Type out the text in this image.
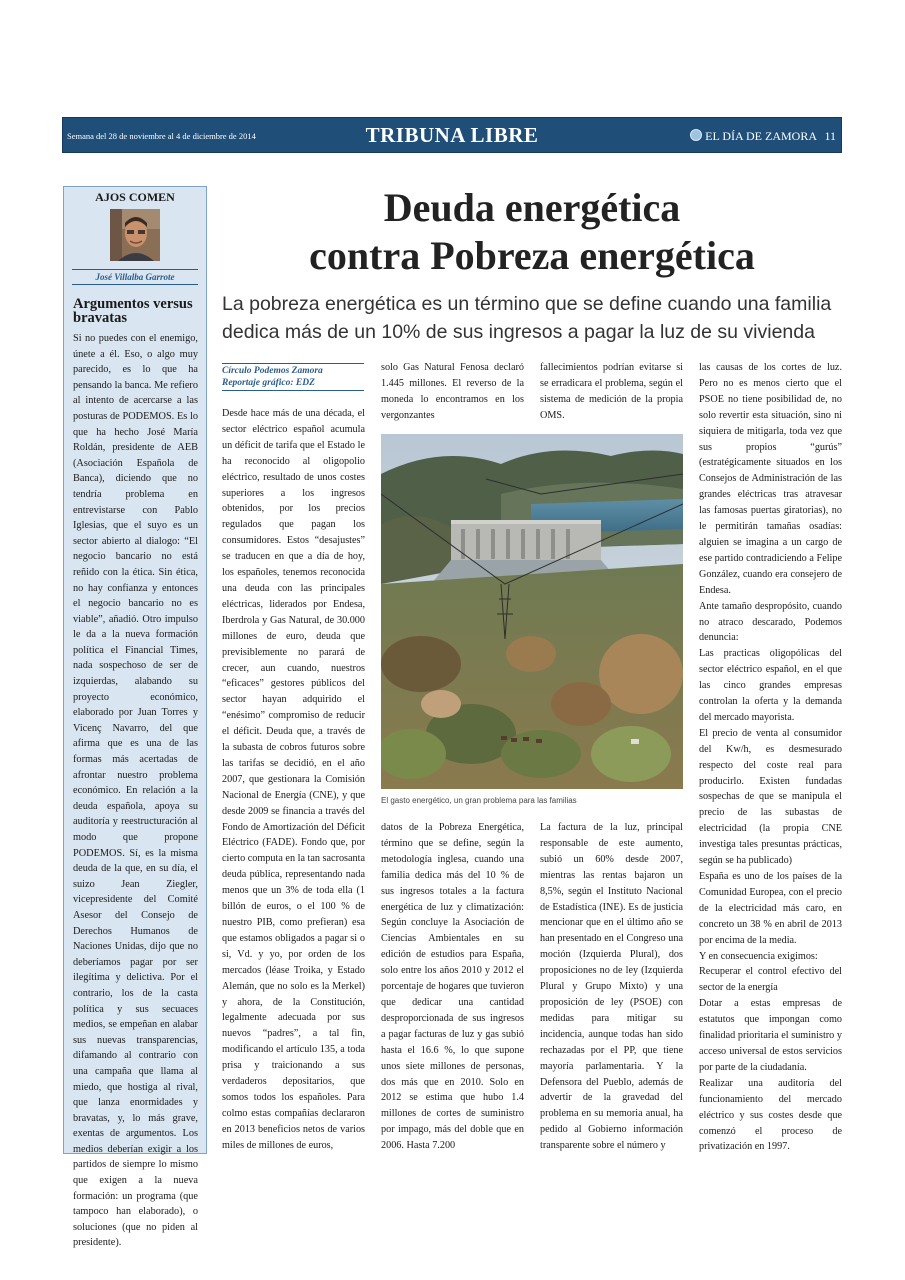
Semana del 28 de noviembre al 4 de diciembre de 2014	TRIBUNA LIBRE	EL DÍA DE ZAMORA 11
AJOS COMEN
José Villalba Garrote
Argumentos versus bravatas
Si no puedes con el enemigo, únete a él. Eso, o algo muy parecido, es lo que ha pensando la banca. Me refiero al intento de acercarse a las posturas de PODEMOS. Es lo que ha hecho José María Roldán, presidente de AEB (Asociación Española de Banca), diciendo que no tendría problema en entrevistarse con Pablo Iglesias, que el suyo es un sector abierto al dialogo: “El negocio bancario no está reñido con la ética. Sin ética, no hay confianza y entonces el negocio bancario no es viable”, añadió. Otro impulso le da a la nueva formación política el Financial Times, nada sospechoso de ser de izquierdas, alabando su proyecto económico, elaborado por Juan Torres y Vicenç Navarro, del que afirma que es una de las formas más acertadas de afrontar nuestro problema económico. En relación a la deuda española, apoya su auditoría y reestructuración al modo que propone PODEMOS. Sí, es la misma deuda de la que, en su día, el suizo Jean Ziegler, vicepresidente del Comité Asesor del Consejo de Derechos Humanos de Naciones Unidas, dijo que no deberíamos pagar por ser ilegítima y delictiva. Por el contrario, los de la casta política y sus secuaces medios, se empeñan en alabar sus nuevas transparencias, difamando al contrario con una campaña que llama al miedo, que hostiga al rival, que lanza enormidades y bravatas, y, lo más grave, exentas de argumentos. Los medios deberían exigir a los partidos de siempre lo mismo que exigen a la nueva formación: un programa (que tampoco han elaborado), o soluciones (que no piden al presidente).
Deuda energética
contra Pobreza energética
La pobreza energética es un término que se define cuando una familia dedica más de un 10% de sus ingresos a pagar la luz de su vivienda
Círculo Podemos Zamora
Reportaje gráfico: EDZ
Desde hace más de una década, el sector eléctrico español acumula un déficit de tarifa que el Estado le ha reconocido al oligopolio eléctrico, resultado de unos costes superiores a los ingresos obtenidos, por los precios regulados que pagan los consumidores. Estos “desajustes” se traducen en que a día de hoy, los españoles, tenemos reconocida una deuda con las principales eléctricas, liderados por Endesa, Iberdrola y Gas Natural, de 30.000 millones de euro, deuda que previsiblemente no parará de crecer, aun cuando, nuestros “eficaces” gestores públicos del sector hayan adquirido el “enésimo” compromiso de reducir el déficit. Deuda que, a través de la subasta de cobros futuros sobre las tarifas se decidió, en el año 2007, que gestionara la Comisión Nacional de Energía (CNE), y que desde 2009 se financia a través del Fondo de Amortización del Déficit Eléctrico (FADE). Fondo que, por cierto computa en la tan sacrosanta deuda pública, representando nada menos que un 3% de toda ella (1 billón de euros, o el 100 % de nuestro PIB, como prefieran) esa que estamos obligados a pagar si o si, Vd. y yo, por orden de los mercados (léase Troika, y Estado Alemán, que no solo es la Merkel) y ahora, de la Constitución, legalmente adecuada por sus nuevos “padres”, a tal fin, modificando el artículo 135, a toda prisa y traicionando a sus verdaderos depositarios, que somos todos los españoles. Para colmo estas compañías declararon en 2013 beneficios netos de varios miles de millones de euros,
solo Gas Natural Fenosa declaró 1.445 millones. El reverso de la moneda lo encontramos en los vergonzantes
fallecimientos podrían evitarse si se erradicara el problema, según el sistema de medición de la propia OMS.
El gasto energético, un gran problema para las familias
datos de la Pobreza Energética, término que se define, según la metodología inglesa, cuando una familia dedica más del 10 % de sus ingresos totales a la factura energética de luz y climatización: Según concluye la Asociación de Ciencias Ambientales en su edición de estudios para España, solo entre los años 2010 y 2012 el porcentaje de hogares que tuvieron que dedicar una cantidad desproporcionada de sus ingresos a pagar facturas de luz y gas subió hasta el 16.6 %, lo que supone unos siete millones de personas, dos más que en 2010. Solo en 2012 se estima que hubo 1.4 millones de cortes de suministro por impago, más del doble que en 2006. Hasta 7.200
La factura de la luz, principal responsable de este aumento, subió un 60% desde 2007, mientras las rentas bajaron un 8,5%, según el Instituto Nacional de Estadística (INE). Es de justicia mencionar que en el último año se han presentado en el Congreso una moción (Izquierda Plural), dos proposiciones no de ley (Izquierda Plural y Grupo Mixto) y una proposición de ley (PSOE) con medidas para mitigar su incidencia, aunque todas han sido rechazadas por el PP, que tiene mayoría parlamentaria. Y la Defensora del Pueblo, además de advertir de la gravedad del problema en su memoria anual, ha pedido al Gobierno información transparente sobre el número y

las causas de los cortes de luz. Pero no es menos cierto que el PSOE no tiene posibilidad de, no solo revertir esta situación, sino ni siquiera de mitigarla, toda vez que sus propios “gurús” (estratégicamente situados en los Consejos de Administración de las grandes eléctricas tras atravesar las famosas puertas giratorias), no le permitirán tamañas osadías: alguien se imagina a un cargo de ese partido contradiciendo a Felipe González, cuando era consejero de Endesa.

Ante tamaño despropósito, cuando no atraco descarado, Podemos denuncia:

Las practicas oligopólicas del sector eléctrico español, en el que las cinco grandes empresas controlan la oferta y la demanda del mercado mayorista.

El precio de venta al consumidor del Kw/h, es desmesurado respecto del coste real para producirlo. Existen fundadas sospechas de que se manipula el precio de las subastas de electricidad (la propia CNE investiga tales presuntas prácticas, según se ha publicado)

España es uno de los países de la Comunidad Europea, con el precio de la electricidad más caro, en concreto un 38 % en abril de 2013 por encima de la media.

Y en consecuencia exigimos:

Recuperar el control efectivo del sector de la energía

Dotar a estas empresas de estatutos que impongan como finalidad prioritaria el suministro y acceso universal de estos servicios por parte de la ciudadanía.

Realizar una auditoría del funcionamiento del mercado eléctrico y sus costes desde que comenzó el proceso de privatización en 1997.
